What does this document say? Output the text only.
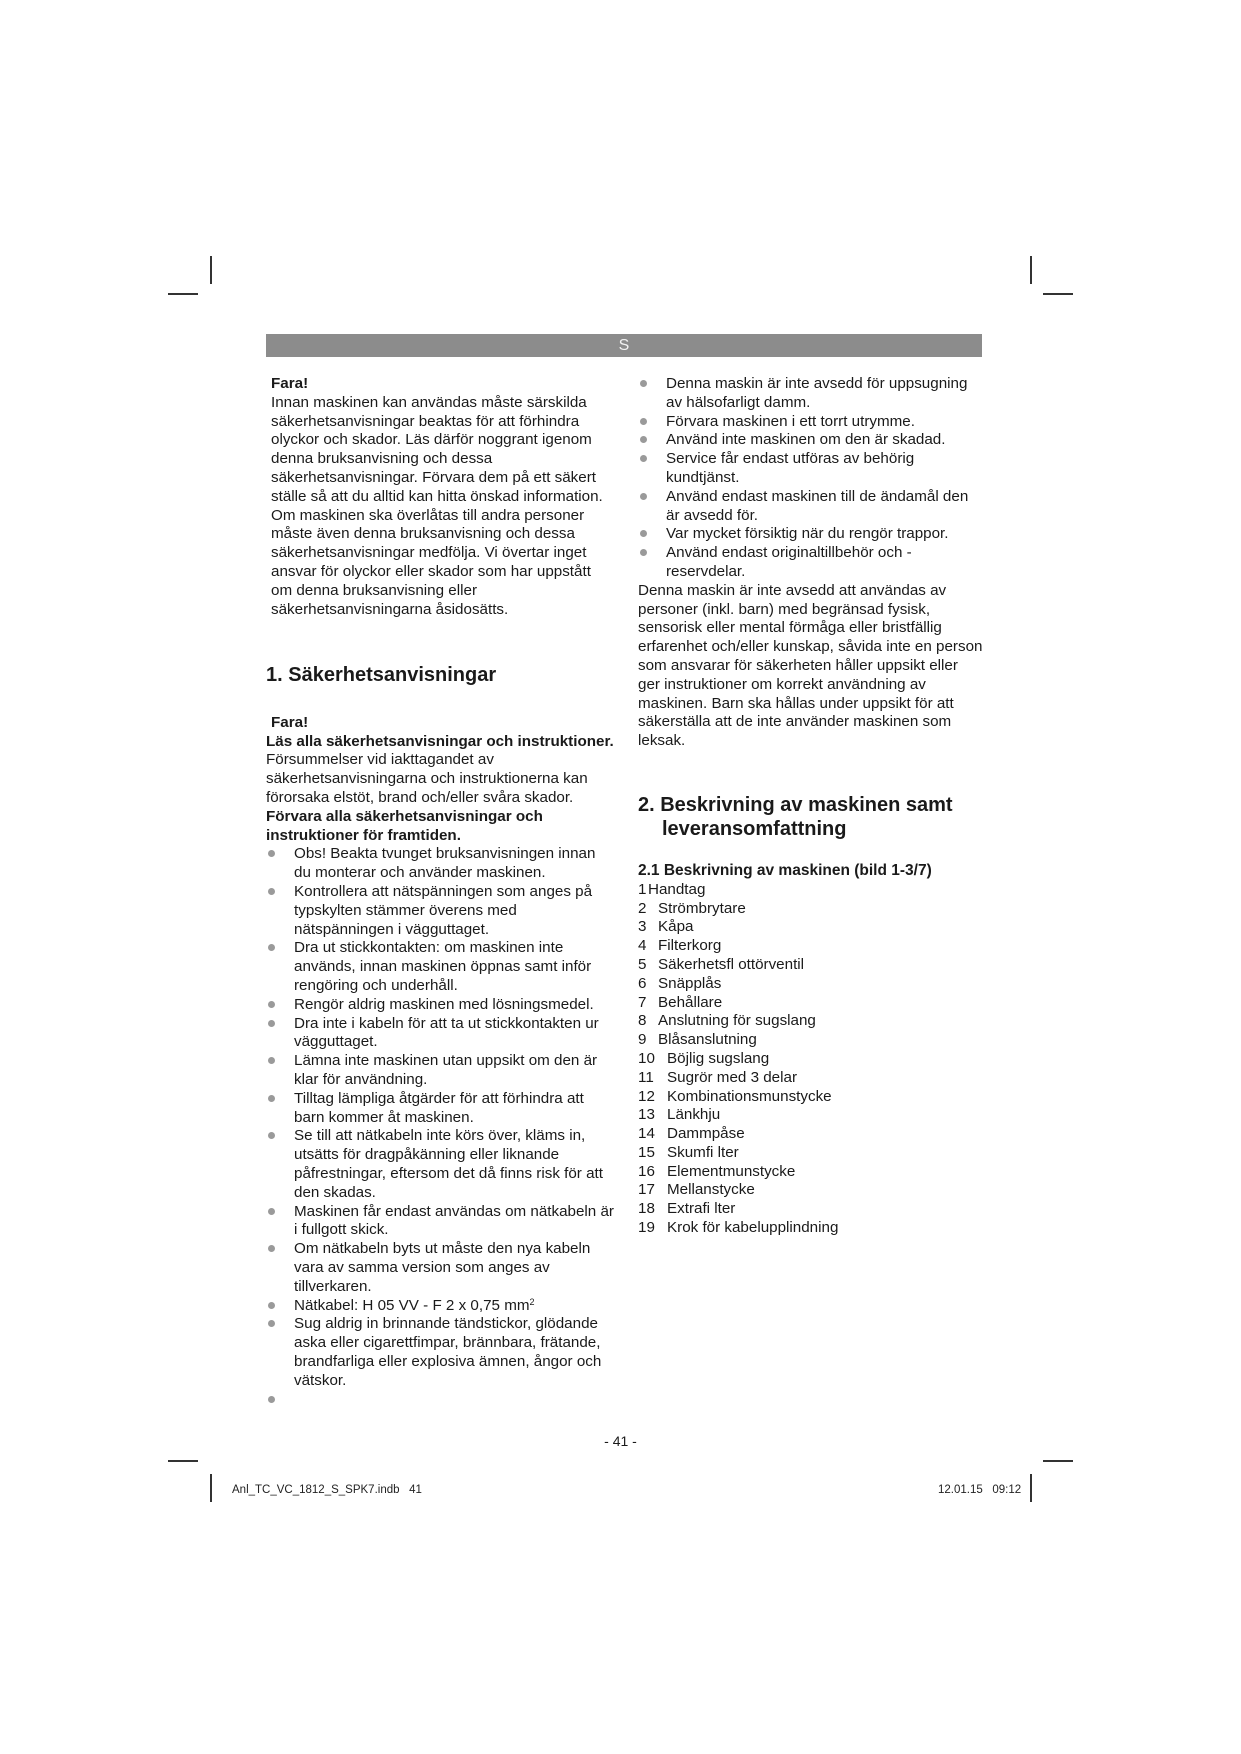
S

Fara!

Innan maskinen kan användas måste särskilda säkerhetsanvisningar beaktas för att förhindra olyckor och skador. Läs därför noggrant igenom denna bruksanvisning och dessa säkerhetsanvisningar. Förvara dem på ett säkert ställe så att du alltid kan hitta önskad information. Om maskinen ska överlåtas till andra personer måste även denna bruksanvisning och dessa säkerhetsanvisningar medfölja. Vi övertar inget ansvar för olyckor eller skador som har uppstått om denna bruksanvisning eller säkerhetsanvisningarna åsidosätts.

1. Säkerhetsanvisningar

Fara!

Läs alla säkerhetsanvisningar och instruktioner. Försummelser vid iakttagandet av säkerhetsanvisningarna och instruktionerna kan förorsaka elstöt, brand och/eller svåra skador. Förvara alla säkerhetsanvisningar och instruktioner för framtiden.

Obs! Beakta tvunget bruksanvisningen innan du monterar och använder maskinen.
Kontrollera att nätspänningen som anges på typskylten stämmer överens med nätspänningen i vägguttaget.
Dra ut stickkontakten: om maskinen inte används, innan maskinen öppnas samt inför rengöring och underhåll.
Rengör aldrig maskinen med lösningsmedel.
Dra inte i kabeln för att ta ut stickkontakten ur vägguttaget.
Lämna inte maskinen utan uppsikt om den är klar för användning.
Tilltag lämpliga åtgärder för att förhindra att barn kommer åt maskinen.
Se till att nätkabeln inte körs över, kläms in, utsätts för dragpåkänning eller liknande påfrestningar, eftersom det då finns risk för att den skadas.
Maskinen får endast användas om nätkabeln är i fullgott skick.
Om nätkabeln byts ut måste den nya kabeln vara av samma version som anges av tillverkaren.
Nätkabel: H 05 VV - F 2 x 0,75 $mm^2$
Sug aldrig in brinnande tändstickor, glödande aska eller cigarettfimpar, brännbara, frätande, brandfarliga eller explosiva ämnen, ångor och vätskor.
Denna maskin är inte avsedd för uppsugning av hälsofarligt damm.
Förvara maskinen i ett torrt utrymme.
Använd inte maskinen om den är skadad.
Service får endast utföras av behörig kundtjänst.
Använd endast maskinen till de ändamål den är avsedd för.
Var mycket försiktig när du rengör trappor.
Använd endast originaltillbehör och -reservdelar.

Denna maskin är inte avsedd att användas av personer (inkl. barn) med begränsad fysisk, sensorisk eller mental förmåga eller bristfällig erfarenhet och/eller kunskap, såvida inte en person som ansvarar för säkerheten håller uppsikt eller ger instruktioner om korrekt användning av maskinen. Barn ska hållas under uppsikt för att säkerställa att de inte använder maskinen som leksak.

2. Beskrivning av maskinen samt leveransomfattning

2.1 Beskrivning av maskinen (bild 1-3/7)

1 Handtag
2 Strömbrytare
3 Kåpa
4 Filterkorg
5 Säkerhetsfl ottörventil
6 Snäpplås
7 Behållare
8 Anslutning för sugslang
9 Blåsanslutning
10 Böjlig sugslang
11 Sugrör med 3 delar
12 Kombinationsmunstycke
13 Länkhju
14 Dammpåse
15 Skumfi lter
16 Elementmunstycke
17 Mellanstycke
18 Extrafi lter
19 Krok för kabelupplindning
- 41 -
Anl_TC_VC_1812_S_SPK7.indb   41	12.01.15   09:12
